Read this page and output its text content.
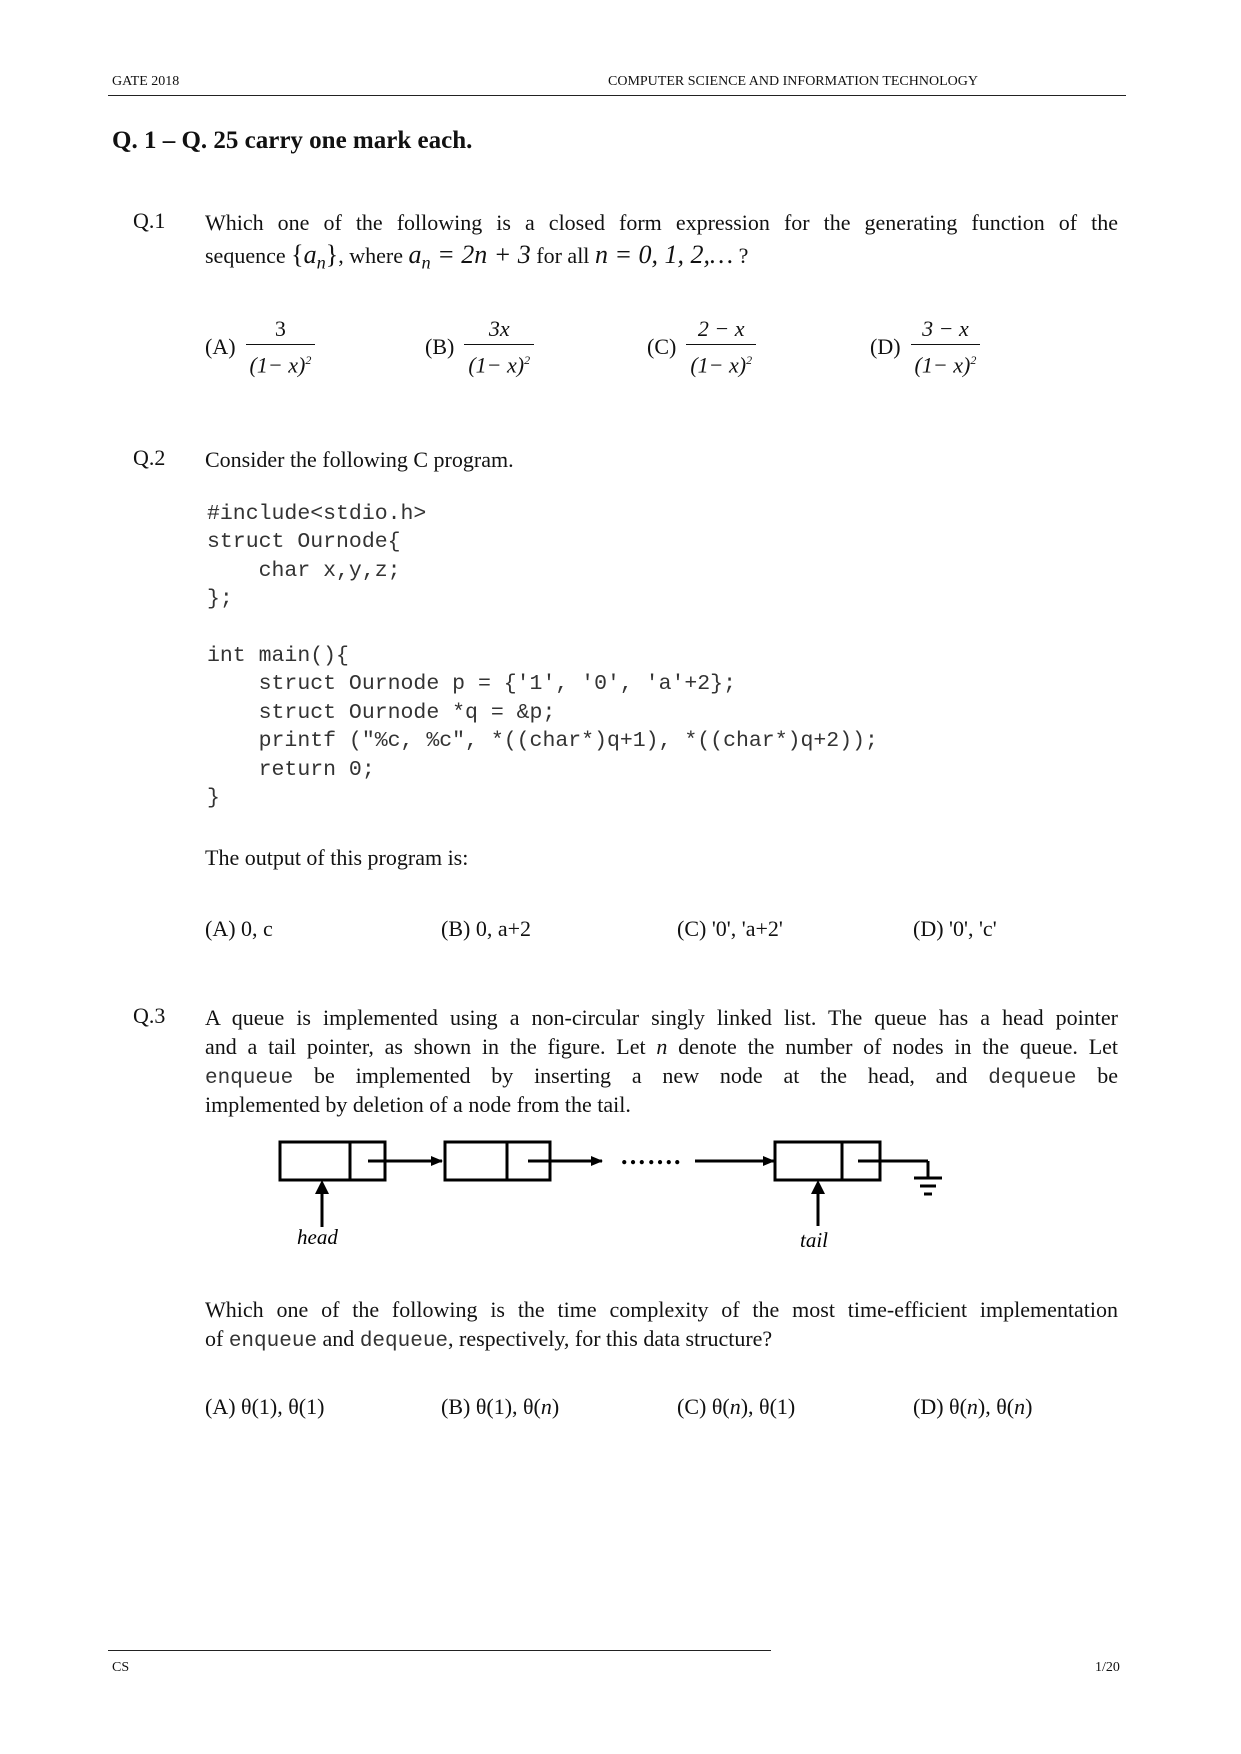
GATE 2018	COMPUTER SCIENCE AND INFORMATION TECHNOLOGY
Q. 1 – Q. 25 carry one mark each.
Q.1 Which one of the following is a closed form expression for the generating function of the
sequence $\{a_n\}$, where $a_n = 2n + 3$ for all n = 0, 1, 2,… ?
$(A) \frac{3}{(1- x)^2}$	$(B) \frac{3x}{(1- x)^2}$	$(C) \frac{2 - x}{(1- x)^2}$	$(D) \frac{3 - x}{(1- x)^2}$
Q.2 Consider the following C program.
#include<stdio.h>
struct Ournode{
char x,y,z;
};

int main(){
struct Ournode p = {'1', '0', 'a'+2};
struct Ournode *q = &p;
printf ("%c, %c", *((char*)q+1), *((char*)q+2));
return 0;
}
The output of this program is:
(A) 0, c	(B) 0, a+2	(C) '0', 'a+2'	(D) '0', 'c'
Q.3 A queue is implemented using a non-circular singly linked list. The queue has a head pointer
and a tail pointer, as shown in the figure. Let n denote the number of nodes in the queue. Let
enqueue be implemented by inserting a new node at the head, and dequeue be
implemented by deletion of a node from the tail.
…….
head	tail
Which one of the following is the time complexity of the most time-efficient implementation
of enqueue and dequeue, respectively, for this data structure?
(A) θ(1), θ(1)	(B) θ(1), θ(n)	(C) θ(n), θ(1)	(D) θ(n), θ(n)
CS	1/20
